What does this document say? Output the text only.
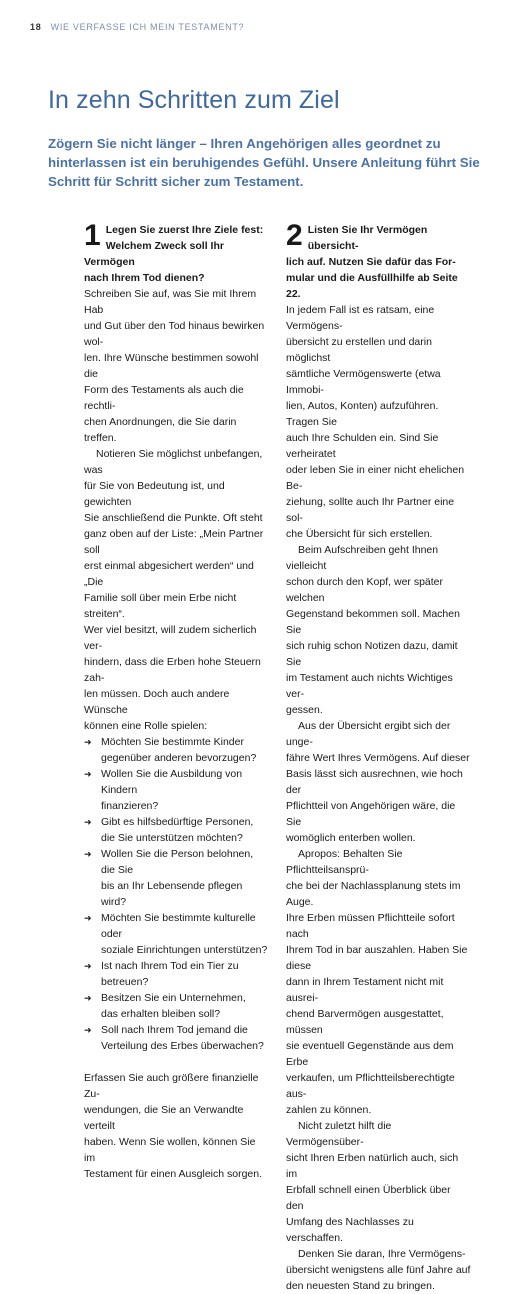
18 WIE VERFASSE ICH MEIN TESTAMENT?
In zehn Schritten zum Ziel

Zögern Sie nicht länger – Ihren Angehörigen alles geordnet zu hinterlassen ist ein beruhigendes Gefühl. Unsere Anleitung führt Sie Schritt für Schritt sicher zum Testament.

1 Legen Sie zuerst Ihre Ziele fest:
Welchem Zweck soll Ihr Vermögen
nach Ihrem Tod dienen?

Schreiben Sie auf, was Sie mit Ihrem Hab
und Gut über den Tod hinaus bewirken wol-
len. Ihre Wünsche bestimmen sowohl die
Form des Testaments als auch die rechtli-
chen Anordnungen, die Sie darin treffen.

Notieren Sie möglichst unbefangen, was
für Sie von Bedeutung ist, und gewichten
Sie anschließend die Punkte. Oft steht
ganz oben auf der Liste: „Mein Partner soll
erst einmal abgesichert werden“ und „Die
Familie soll über mein Erbe nicht streiten“.
Wer viel besitzt, will zudem sicherlich ver-
hindern, dass die Erben hohe Steuern zah-
len müssen. Doch auch andere Wünsche
können eine Rolle spielen:

➜ Möchten Sie bestimmte Kinder
gegenüber anderen bevorzugen?
➜ Wollen Sie die Ausbildung von Kindern
finanzieren?
➜ Gibt es hilfsbedürftige Personen,
die Sie unterstützen möchten?
➜ Wollen Sie die Person belohnen, die Sie
bis an Ihr Lebensende pflegen wird?
➜ Möchten Sie bestimmte kulturelle oder
soziale Einrichtungen unterstützen?
➜ Ist nach Ihrem Tod ein Tier zu betreuen?
➜ Besitzen Sie ein Unternehmen,
das erhalten bleiben soll?
➜ Soll nach Ihrem Tod jemand die
Verteilung des Erbes überwachen?

Erfassen Sie auch größere finanzielle Zu-
wendungen, die Sie an Verwandte verteilt
haben. Wenn Sie wollen, können Sie im
Testament für einen Ausgleich sorgen.

2 Listen Sie Ihr Vermögen übersicht-
lich auf. Nutzen Sie dafür das For-
mular und die Ausfüllhilfe ab Seite 22.

In jedem Fall ist es ratsam, eine Vermögens-
übersicht zu erstellen und darin möglichst
sämtliche Vermögenswerte (etwa Immobi-
lien, Autos, Konten) aufzuführen. Tragen Sie
auch Ihre Schulden ein. Sind Sie verheiratet
oder leben Sie in einer nicht ehelichen Be-
ziehung, sollte auch Ihr Partner eine sol-
che Übersicht für sich erstellen.

Beim Aufschreiben geht Ihnen vielleicht
schon durch den Kopf, wer später welchen
Gegenstand bekommen soll. Machen Sie
sich ruhig schon Notizen dazu, damit Sie
im Testament auch nichts Wichtiges ver-
gessen.

Aus der Übersicht ergibt sich der unge-
fähre Wert Ihres Vermögens. Auf dieser
Basis lässt sich ausrechnen, wie hoch der
Pflichtteil von Angehörigen wäre, die Sie
womöglich enterben wollen.

Apropos: Behalten Sie Pflichtteilsansprü-
che bei der Nachlassplanung stets im Auge.
Ihre Erben müssen Pflichtteile sofort nach
Ihrem Tod in bar auszahlen. Haben Sie diese
dann in Ihrem Testament nicht mit ausrei-
chend Barvermögen ausgestattet, müssen
sie eventuell Gegenstände aus dem Erbe
verkaufen, um Pflichtteilsberechtigte aus-
zahlen zu können.

Nicht zuletzt hilft die Vermögensüber-
sicht Ihren Erben natürlich auch, sich im
Erbfall schnell einen Überblick über den
Umfang des Nachlasses zu verschaffen.

Denken Sie daran, Ihre Vermögens-
übersicht wenigstens alle fünf Jahre auf
den neuesten Stand zu bringen.
